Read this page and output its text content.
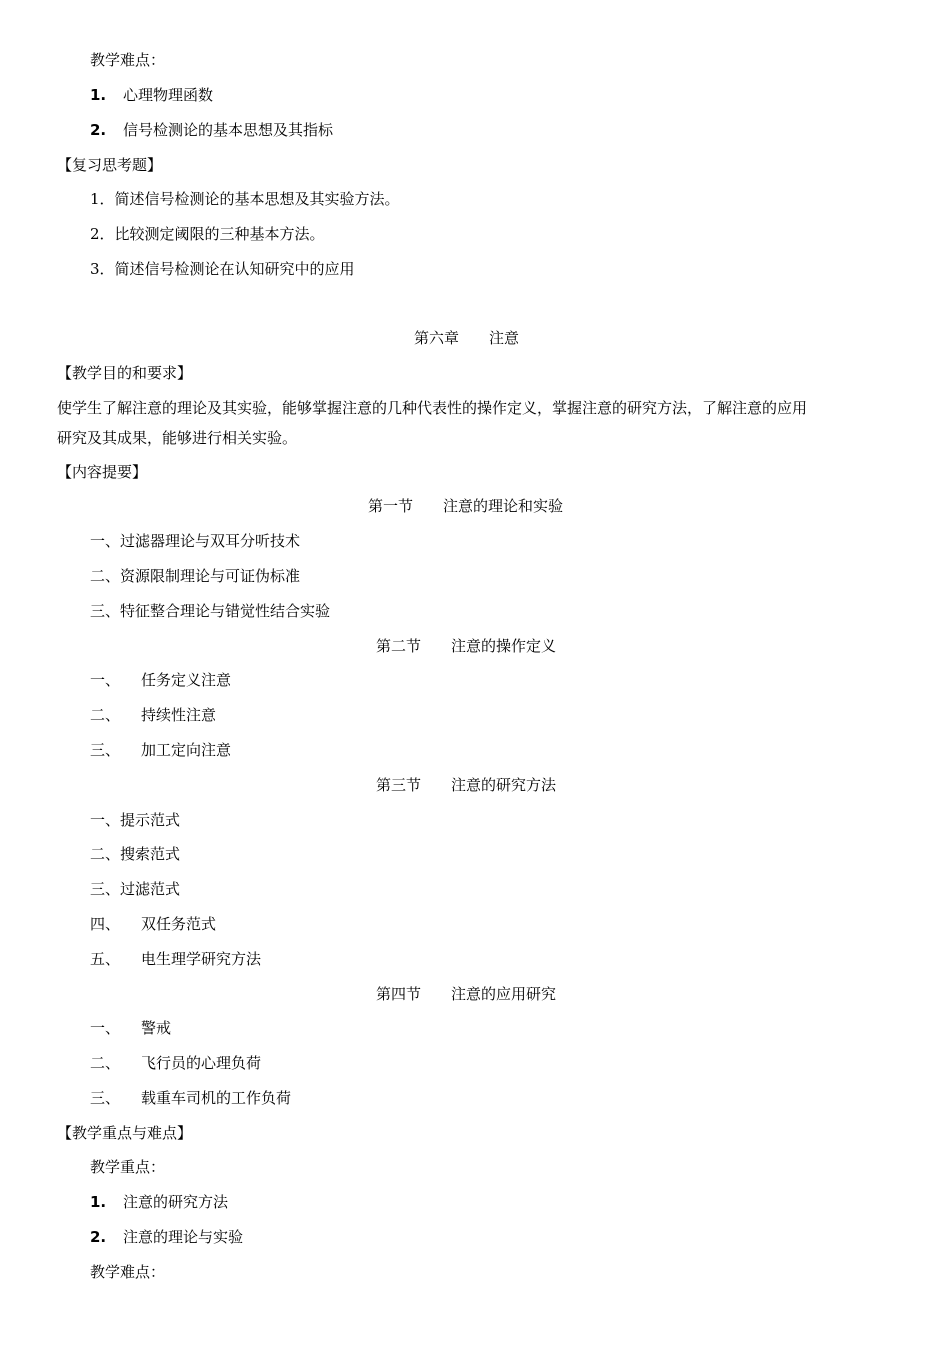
教学难点：
1. 心理物理函数
2. 信号检测论的基本思想及其指标
【复习思考题】
1．简述信号检测论的基本思想及其实验方法。
2．比较测定阈限的三种基本方法。
3．简述信号检测论在认知研究中的应用
第六章 注意
【教学目的和要求】
使学生了解注意的理论及其实验，能够掌握注意的几种代表性的操作定义，掌握注意的研究方法，了解注意的应用
研究及其成果，能够进行相关实验。
【内容提要】
第一节 注意的理论和实验
一、过滤器理论与双耳分听技术
二、资源限制理论与可证伪标准
三、特征整合理论与错觉性结合实验
第二节 注意的操作定义
一、 任务定义注意
二、 持续性注意
三、 加工定向注意
第三节 注意的研究方法
一、提示范式
二、搜索范式
三、过滤范式
四、 双任务范式
五、 电生理学研究方法
第四节 注意的应用研究
一、 警戒
二、 飞行员的心理负荷
三、 载重车司机的工作负荷
【教学重点与难点】
教学重点：
1. 注意的研究方法
2. 注意的理论与实验
教学难点：
